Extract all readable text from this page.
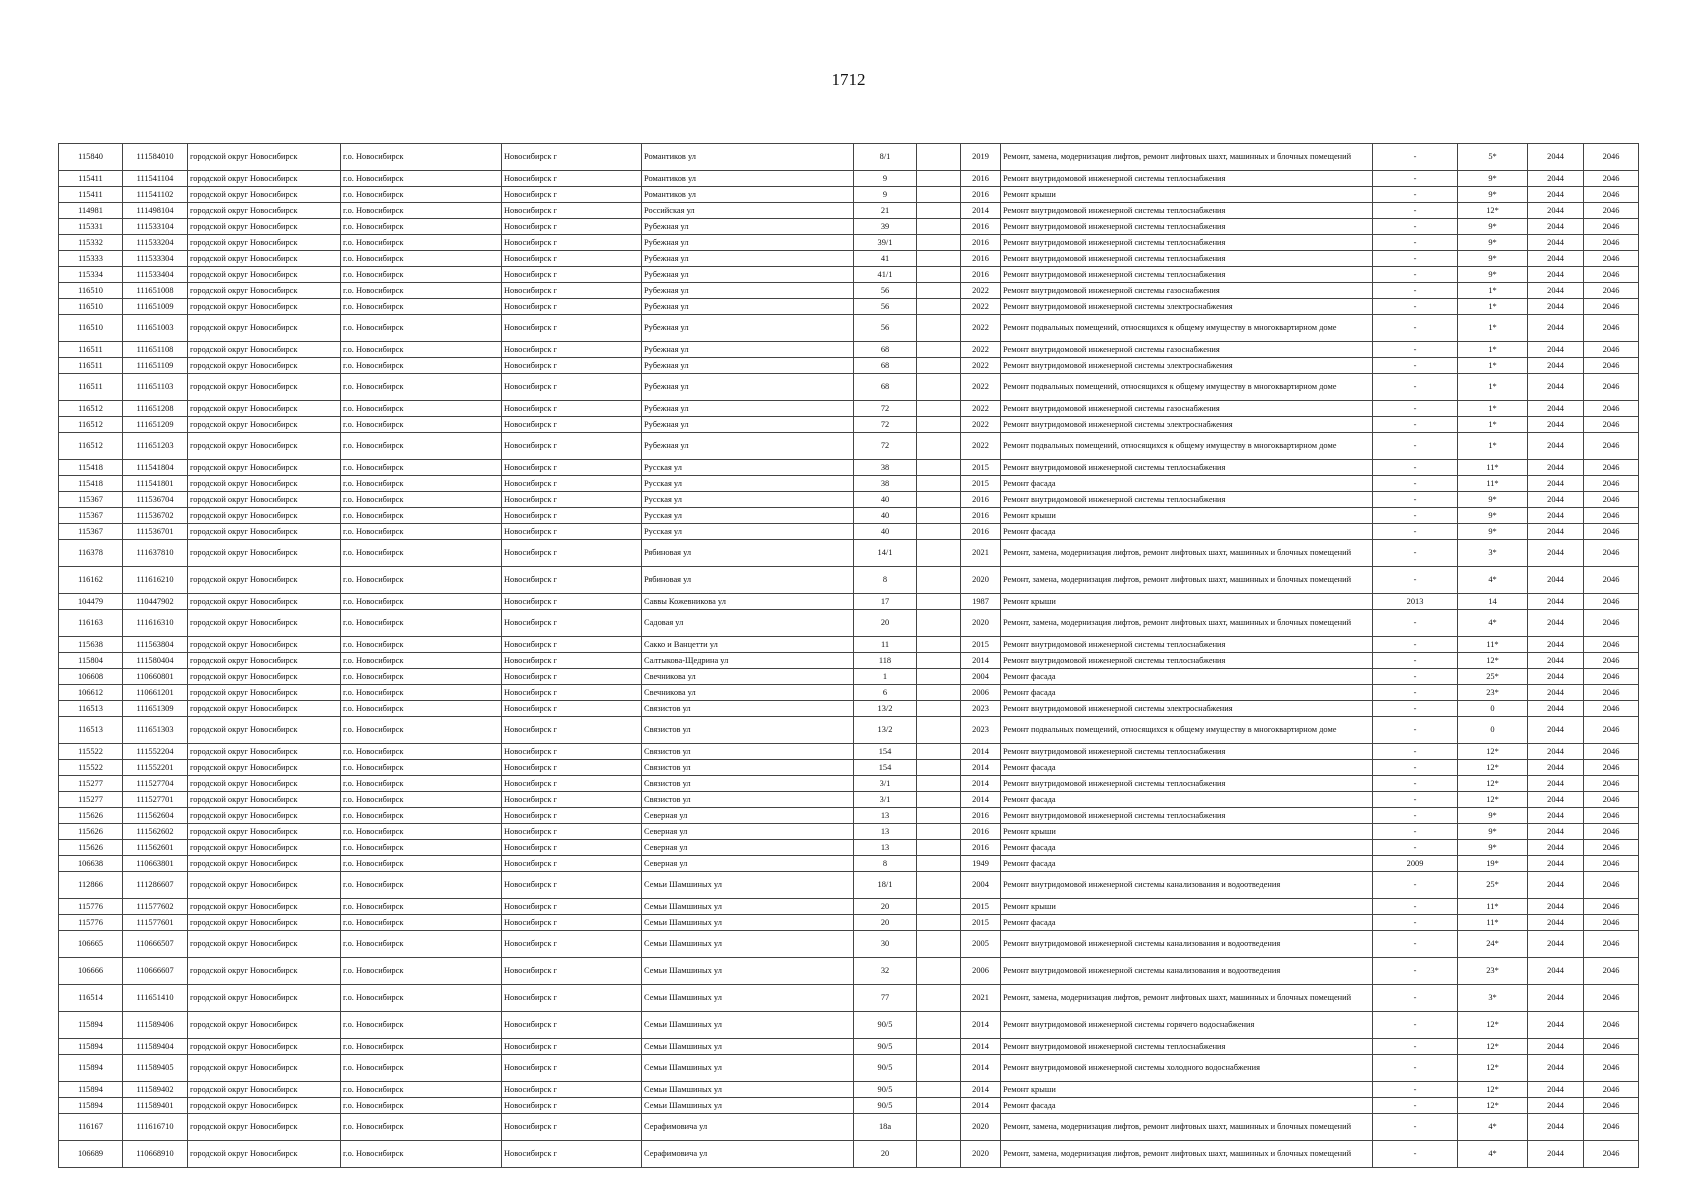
1712
115840	111584010	городской округ Новосибирск	г.о. Новосибирск	Новосибирск г	Романтиков ул	8/1		2019	Ремонт, замена, модернизация лифтов, ремонт лифтовых шахт, машинных и блочных помещений	-	5*	2044	2046
115411	111541104	городской округ Новосибирск	г.о. Новосибирск	Новосибирск г	Романтиков ул	9		2016	Ремонт внутридомовой инженерной системы теплоснабжения	-	9*	2044	2046
115411	111541102	городской округ Новосибирск	г.о. Новосибирск	Новосибирск г	Романтиков ул	9		2016	Ремонт крыши	-	9*	2044	2046
114981	111498104	городской округ Новосибирск	г.о. Новосибирск	Новосибирск г	Российская ул	21		2014	Ремонт внутридомовой инженерной системы теплоснабжения	-	12*	2044	2046
115331	111533104	городской округ Новосибирск	г.о. Новосибирск	Новосибирск г	Рубежная ул	39		2016	Ремонт внутридомовой инженерной системы теплоснабжения	-	9*	2044	2046
115332	111533204	городской округ Новосибирск	г.о. Новосибирск	Новосибирск г	Рубежная ул	39/1		2016	Ремонт внутридомовой инженерной системы теплоснабжения	-	9*	2044	2046
115333	111533304	городской округ Новосибирск	г.о. Новосибирск	Новосибирск г	Рубежная ул	41		2016	Ремонт внутридомовой инженерной системы теплоснабжения	-	9*	2044	2046
115334	111533404	городской округ Новосибирск	г.о. Новосибирск	Новосибирск г	Рубежная ул	41/1		2016	Ремонт внутридомовой инженерной системы теплоснабжения	-	9*	2044	2046
116510	111651008	городской округ Новосибирск	г.о. Новосибирск	Новосибирск г	Рубежная ул	56		2022	Ремонт внутридомовой инженерной системы газоснабжения	-	1*	2044	2046
116510	111651009	городской округ Новосибирск	г.о. Новосибирск	Новосибирск г	Рубежная ул	56		2022	Ремонт внутридомовой инженерной системы электроснабжения	-	1*	2044	2046
116510	111651003	городской округ Новосибирск	г.о. Новосибирск	Новосибирск г	Рубежная ул	56		2022	Ремонт подвальных помещений, относящихся к общему имуществу в многоквартирном доме	-	1*	2044	2046
116511	111651108	городской округ Новосибирск	г.о. Новосибирск	Новосибирск г	Рубежная ул	68		2022	Ремонт внутридомовой инженерной системы газоснабжения	-	1*	2044	2046
116511	111651109	городской округ Новосибирск	г.о. Новосибирск	Новосибирск г	Рубежная ул	68		2022	Ремонт внутридомовой инженерной системы электроснабжения	-	1*	2044	2046
116511	111651103	городской округ Новосибирск	г.о. Новосибирск	Новосибирск г	Рубежная ул	68		2022	Ремонт подвальных помещений, относящихся к общему имуществу в многоквартирном доме	-	1*	2044	2046
116512	111651208	городской округ Новосибирск	г.о. Новосибирск	Новосибирск г	Рубежная ул	72		2022	Ремонт внутридомовой инженерной системы газоснабжения	-	1*	2044	2046
116512	111651209	городской округ Новосибирск	г.о. Новосибирск	Новосибирск г	Рубежная ул	72		2022	Ремонт внутридомовой инженерной системы электроснабжения	-	1*	2044	2046
116512	111651203	городской округ Новосибирск	г.о. Новосибирск	Новосибирск г	Рубежная ул	72		2022	Ремонт подвальных помещений, относящихся к общему имуществу в многоквартирном доме	-	1*	2044	2046
115418	111541804	городской округ Новосибирск	г.о. Новосибирск	Новосибирск г	Русская ул	38		2015	Ремонт внутридомовой инженерной системы теплоснабжения	-	11*	2044	2046
115418	111541801	городской округ Новосибирск	г.о. Новосибирск	Новосибирск г	Русская ул	38		2015	Ремонт фасада	-	11*	2044	2046
115367	111536704	городской округ Новосибирск	г.о. Новосибирск	Новосибирск г	Русская ул	40		2016	Ремонт внутридомовой инженерной системы теплоснабжения	-	9*	2044	2046
115367	111536702	городской округ Новосибирск	г.о. Новосибирск	Новосибирск г	Русская ул	40		2016	Ремонт крыши	-	9*	2044	2046
115367	111536701	городской округ Новосибирск	г.о. Новосибирск	Новосибирск г	Русская ул	40		2016	Ремонт фасада	-	9*	2044	2046
116378	111637810	городской округ Новосибирск	г.о. Новосибирск	Новосибирск г	Рябиновая ул	14/1		2021	Ремонт, замена, модернизация лифтов, ремонт лифтовых шахт, машинных и блочных помещений	-	3*	2044	2046
116162	111616210	городской округ Новосибирск	г.о. Новосибирск	Новосибирск г	Рябиновая ул	8		2020	Ремонт, замена, модернизация лифтов, ремонт лифтовых шахт, машинных и блочных помещений	-	4*	2044	2046
104479	110447902	городской округ Новосибирск	г.о. Новосибирск	Новосибирск г	Саввы Кожевникова ул	17		1987	Ремонт крыши	2013	14	2044	2046
116163	111616310	городской округ Новосибирск	г.о. Новосибирск	Новосибирск г	Садовая ул	20		2020	Ремонт, замена, модернизация лифтов, ремонт лифтовых шахт, машинных и блочных помещений	-	4*	2044	2046
115638	111563804	городской округ Новосибирск	г.о. Новосибирск	Новосибирск г	Сакко и Ванцетти ул	11		2015	Ремонт внутридомовой инженерной системы теплоснабжения	-	11*	2044	2046
115804	111580404	городской округ Новосибирск	г.о. Новосибирск	Новосибирск г	Салтыкова-Щедрина ул	118		2014	Ремонт внутридомовой инженерной системы теплоснабжения	-	12*	2044	2046
106608	110660801	городской округ Новосибирск	г.о. Новосибирск	Новосибирск г	Свечникова ул	1		2004	Ремонт фасада	-	25*	2044	2046
106612	110661201	городской округ Новосибирск	г.о. Новосибирск	Новосибирск г	Свечникова ул	6		2006	Ремонт фасада	-	23*	2044	2046
116513	111651309	городской округ Новосибирск	г.о. Новосибирск	Новосибирск г	Связистов ул	13/2		2023	Ремонт внутридомовой инженерной системы электроснабжения	-	0	2044	2046
116513	111651303	городской округ Новосибирск	г.о. Новосибирск	Новосибирск г	Связистов ул	13/2		2023	Ремонт подвальных помещений, относящихся к общему имуществу в многоквартирном доме	-	0	2044	2046
115522	111552204	городской округ Новосибирск	г.о. Новосибирск	Новосибирск г	Связистов ул	154		2014	Ремонт внутридомовой инженерной системы теплоснабжения	-	12*	2044	2046
115522	111552201	городской округ Новосибирск	г.о. Новосибирск	Новосибирск г	Связистов ул	154		2014	Ремонт фасада	-	12*	2044	2046
115277	111527704	городской округ Новосибирск	г.о. Новосибирск	Новосибирск г	Связистов ул	3/1		2014	Ремонт внутридомовой инженерной системы теплоснабжения	-	12*	2044	2046
115277	111527701	городской округ Новосибирск	г.о. Новосибирск	Новосибирск г	Связистов ул	3/1		2014	Ремонт фасада	-	12*	2044	2046
115626	111562604	городской округ Новосибирск	г.о. Новосибирск	Новосибирск г	Северная ул	13		2016	Ремонт внутридомовой инженерной системы теплоснабжения	-	9*	2044	2046
115626	111562602	городской округ Новосибирск	г.о. Новосибирск	Новосибирск г	Северная ул	13		2016	Ремонт крыши	-	9*	2044	2046
115626	111562601	городской округ Новосибирск	г.о. Новосибирск	Новосибирск г	Северная ул	13		2016	Ремонт фасада	-	9*	2044	2046
106638	110663801	городской округ Новосибирск	г.о. Новосибирск	Новосибирск г	Северная ул	8		1949	Ремонт фасада	2009	19*	2044	2046
112866	111286607	городской округ Новосибирск	г.о. Новосибирск	Новосибирск г	Семьи Шамшиных ул	18/1		2004	Ремонт внутридомовой инженерной системы канализования и водоотведения	-	25*	2044	2046
115776	111577602	городской округ Новосибирск	г.о. Новосибирск	Новосибирск г	Семьи Шамшиных ул	20		2015	Ремонт крыши	-	11*	2044	2046
115776	111577601	городской округ Новосибирск	г.о. Новосибирск	Новосибирск г	Семьи Шамшиных ул	20		2015	Ремонт фасада	-	11*	2044	2046
106665	110666507	городской округ Новосибирск	г.о. Новосибирск	Новосибирск г	Семьи Шамшиных ул	30		2005	Ремонт внутридомовой инженерной системы канализования и водоотведения	-	24*	2044	2046
106666	110666607	городской округ Новосибирск	г.о. Новосибирск	Новосибирск г	Семьи Шамшиных ул	32		2006	Ремонт внутридомовой инженерной системы канализования и водоотведения	-	23*	2044	2046
116514	111651410	городской округ Новосибирск	г.о. Новосибирск	Новосибирск г	Семьи Шамшиных ул	77		2021	Ремонт, замена, модернизация лифтов, ремонт лифтовых шахт, машинных и блочных помещений	-	3*	2044	2046
115894	111589406	городской округ Новосибирск	г.о. Новосибирск	Новосибирск г	Семьи Шамшиных ул	90/5		2014	Ремонт внутридомовой инженерной системы горячего водоснабжения	-	12*	2044	2046
115894	111589404	городской округ Новосибирск	г.о. Новосибирск	Новосибирск г	Семьи Шамшиных ул	90/5		2014	Ремонт внутридомовой инженерной системы теплоснабжения	-	12*	2044	2046
115894	111589405	городской округ Новосибирск	г.о. Новосибирск	Новосибирск г	Семьи Шамшиных ул	90/5		2014	Ремонт внутридомовой инженерной системы холодного водоснабжения	-	12*	2044	2046
115894	111589402	городской округ Новосибирск	г.о. Новосибирск	Новосибирск г	Семьи Шамшиных ул	90/5		2014	Ремонт крыши	-	12*	2044	2046
115894	111589401	городской округ Новосибирск	г.о. Новосибирск	Новосибирск г	Семьи Шамшиных ул	90/5		2014	Ремонт фасада	-	12*	2044	2046
116167	111616710	городской округ Новосибирск	г.о. Новосибирск	Новосибирск г	Серафимовича ул	18а		2020	Ремонт, замена, модернизация лифтов, ремонт лифтовых шахт, машинных и блочных помещений	-	4*	2044	2046
106689	110668910	городской округ Новосибирск	г.о. Новосибирск	Новосибирск г	Серафимовича ул	20		2020	Ремонт, замена, модернизация лифтов, ремонт лифтовых шахт, машинных и блочных помещений	-	4*	2044	2046
